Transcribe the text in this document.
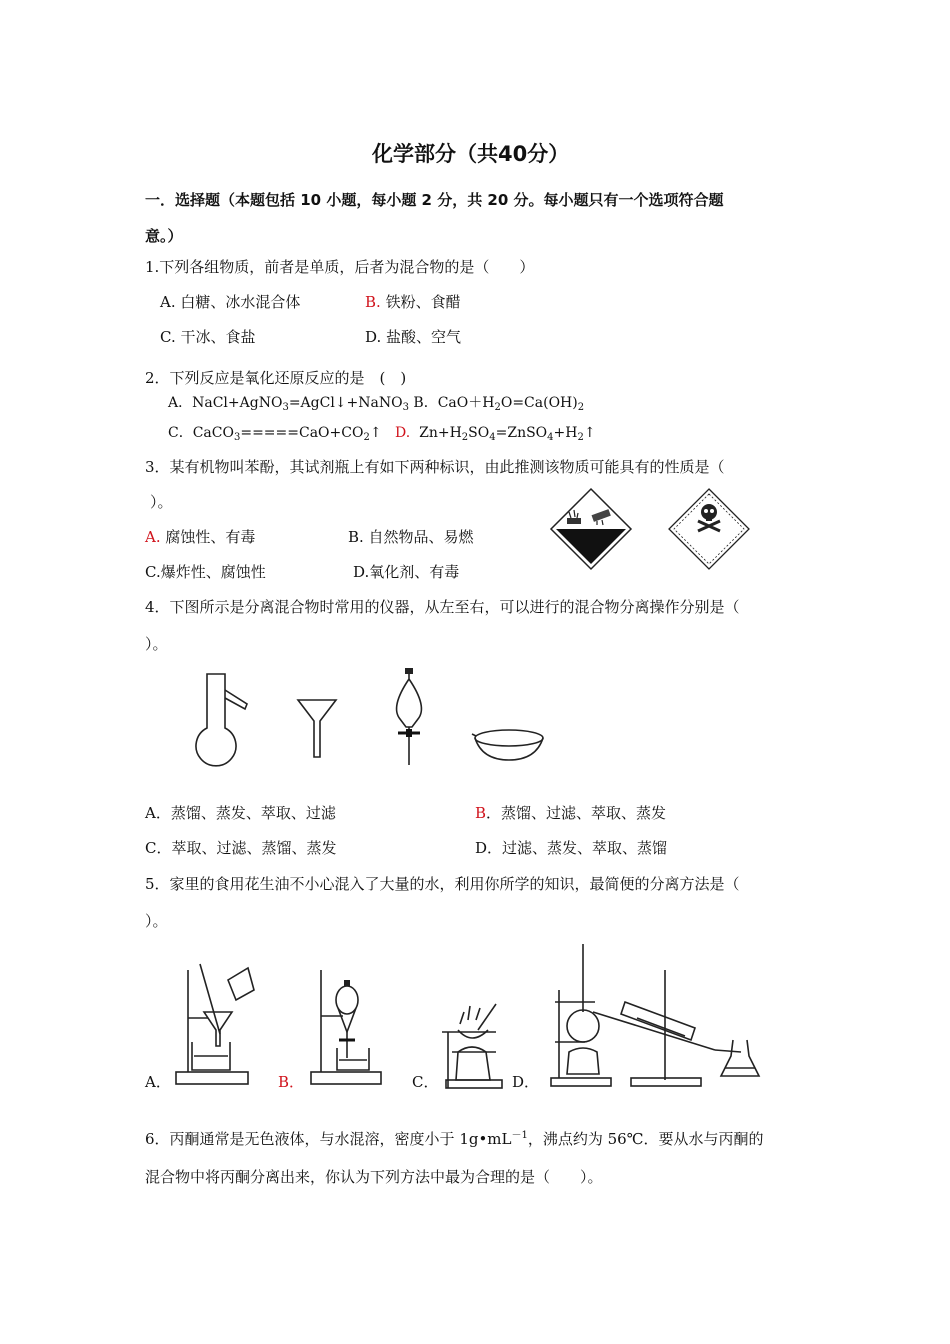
化学部分（共40分）
一．选择题（本题包括 10 小题，每小题 2 分，共 20 分。每小题只有一个选项符合题
意。）
1.下列各组物质，前者是单质，后者为混合物的是（　　）
A. 白糖、冰水混合体	B. 铁粉、食醋
C. 干冰、食盐	D. 盐酸、空气
2．下列反应是氧化还原反应的是　(　)
A．NaCl+AgNO$_3$=AgCl↓+NaNO$_3$ B．$CaO+H_2O=Ca(OH)_2$
C．$CaCO_3=====CaO+CO_2↑$ D. $Zn+H_2SO_4=ZnSO_4+H_2↑$
3．某有机物叫苯酚，其试剂瓶上有如下两种标识，由此推测该物质可能具有的性质是（
）。
A. 腐蚀性、有毒	B. 自然物品、易燃
C.爆炸性、腐蚀性	D.氧化剂、有毒
4．下图所示是分离混合物时常用的仪器，从左至右，可以进行的混合物分离操作分别是（
）。
A．蒸馏、蒸发、萃取、过滤	B．蒸馏、过滤、萃取、蒸发
C．萃取、过滤、蒸馏、蒸发	D．过滤、蒸发、萃取、蒸馏
5．家里的食用花生油不小心混入了大量的水，利用你所学的知识，最简便的分离方法是（
）。
A．	B．	C．	D．
6．丙酮通常是无色液体，与水混溶，密度小于 $1g•mL^{-1}$，沸点约为 56℃．要从水与丙酮的
混合物中将丙酮分离出来，你认为下列方法中最为合理的是（　　）。
